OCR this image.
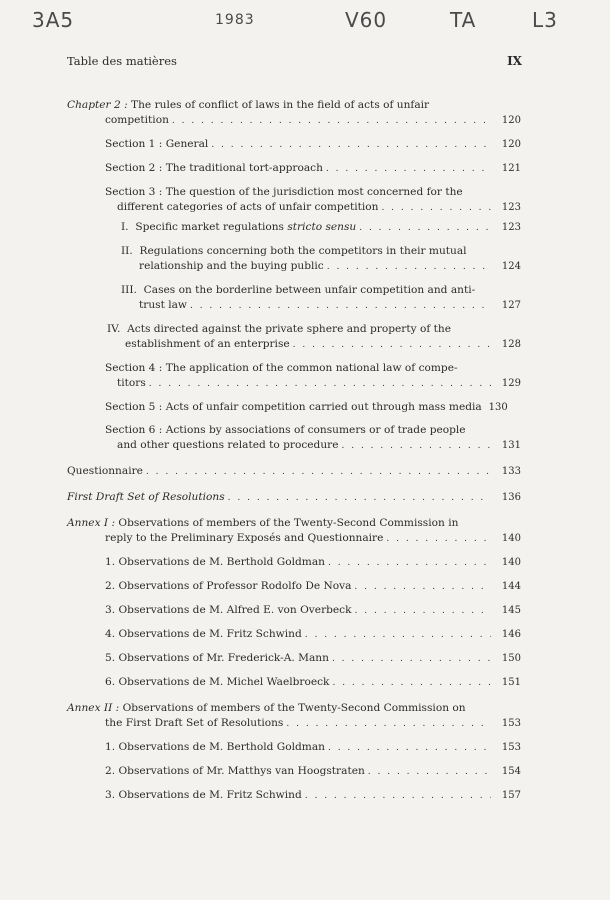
3A5	1983	V60	TA	L3
Table des matières	IX
Chapter 2 : The rules of conflict of laws in the field of acts of unfair
competition . . .	120
Section 1 : General . . .	120
Section 2 : The traditional tort-approach . . .	121
Section 3 : The question of the jurisdiction most concerned for the
different categories of acts of unfair competition . . .	123
I.
Specific market regulations
stricto sensu . . .	123
II. Regulations concerning both the competitors in their mutual
relationship and the buying public . . .	124
III. Cases on the borderline between unfair competition and anti-
trust law . . .	127
IV. Acts directed against the private sphere and property of the
establishment of an enterprise . . .	128
Section 4 : The application of the common national law of compe-
titors . . .	129
Section 5 : Acts of unfair competition carried out through mass media 130
Section 6 : Actions by associations of consumers or of trade people
and other questions related to procedure . . .	131
Questionnaire . . .	133
First Draft Set of Resolutions . . .	136
Annex I : Observations of members of the Twenty-Second Commission in
reply to the Preliminary Exposés and Questionnaire . . .	140
1. Observations de M. Berthold Goldman . . .	140
2. Observations of Professor Rodolfo De Nova . . .	144
3. Observations de M. Alfred E. von Overbeck . . .	145
4. Observations de M. Fritz Schwind . . .	146
5. Observations of Mr. Frederick-A. Mann . . .	150
6. Observations de M. Michel Waelbroeck . . .	151
Annex II : Observations of members of the Twenty-Second Commission on
the First Draft Set of Resolutions . . .	153
1. Observations de M. Berthold Goldman . . .	153
2. Observations of Mr. Matthys van Hoogstraten . . .	154
3. Observations de M. Fritz Schwind . . .	157
